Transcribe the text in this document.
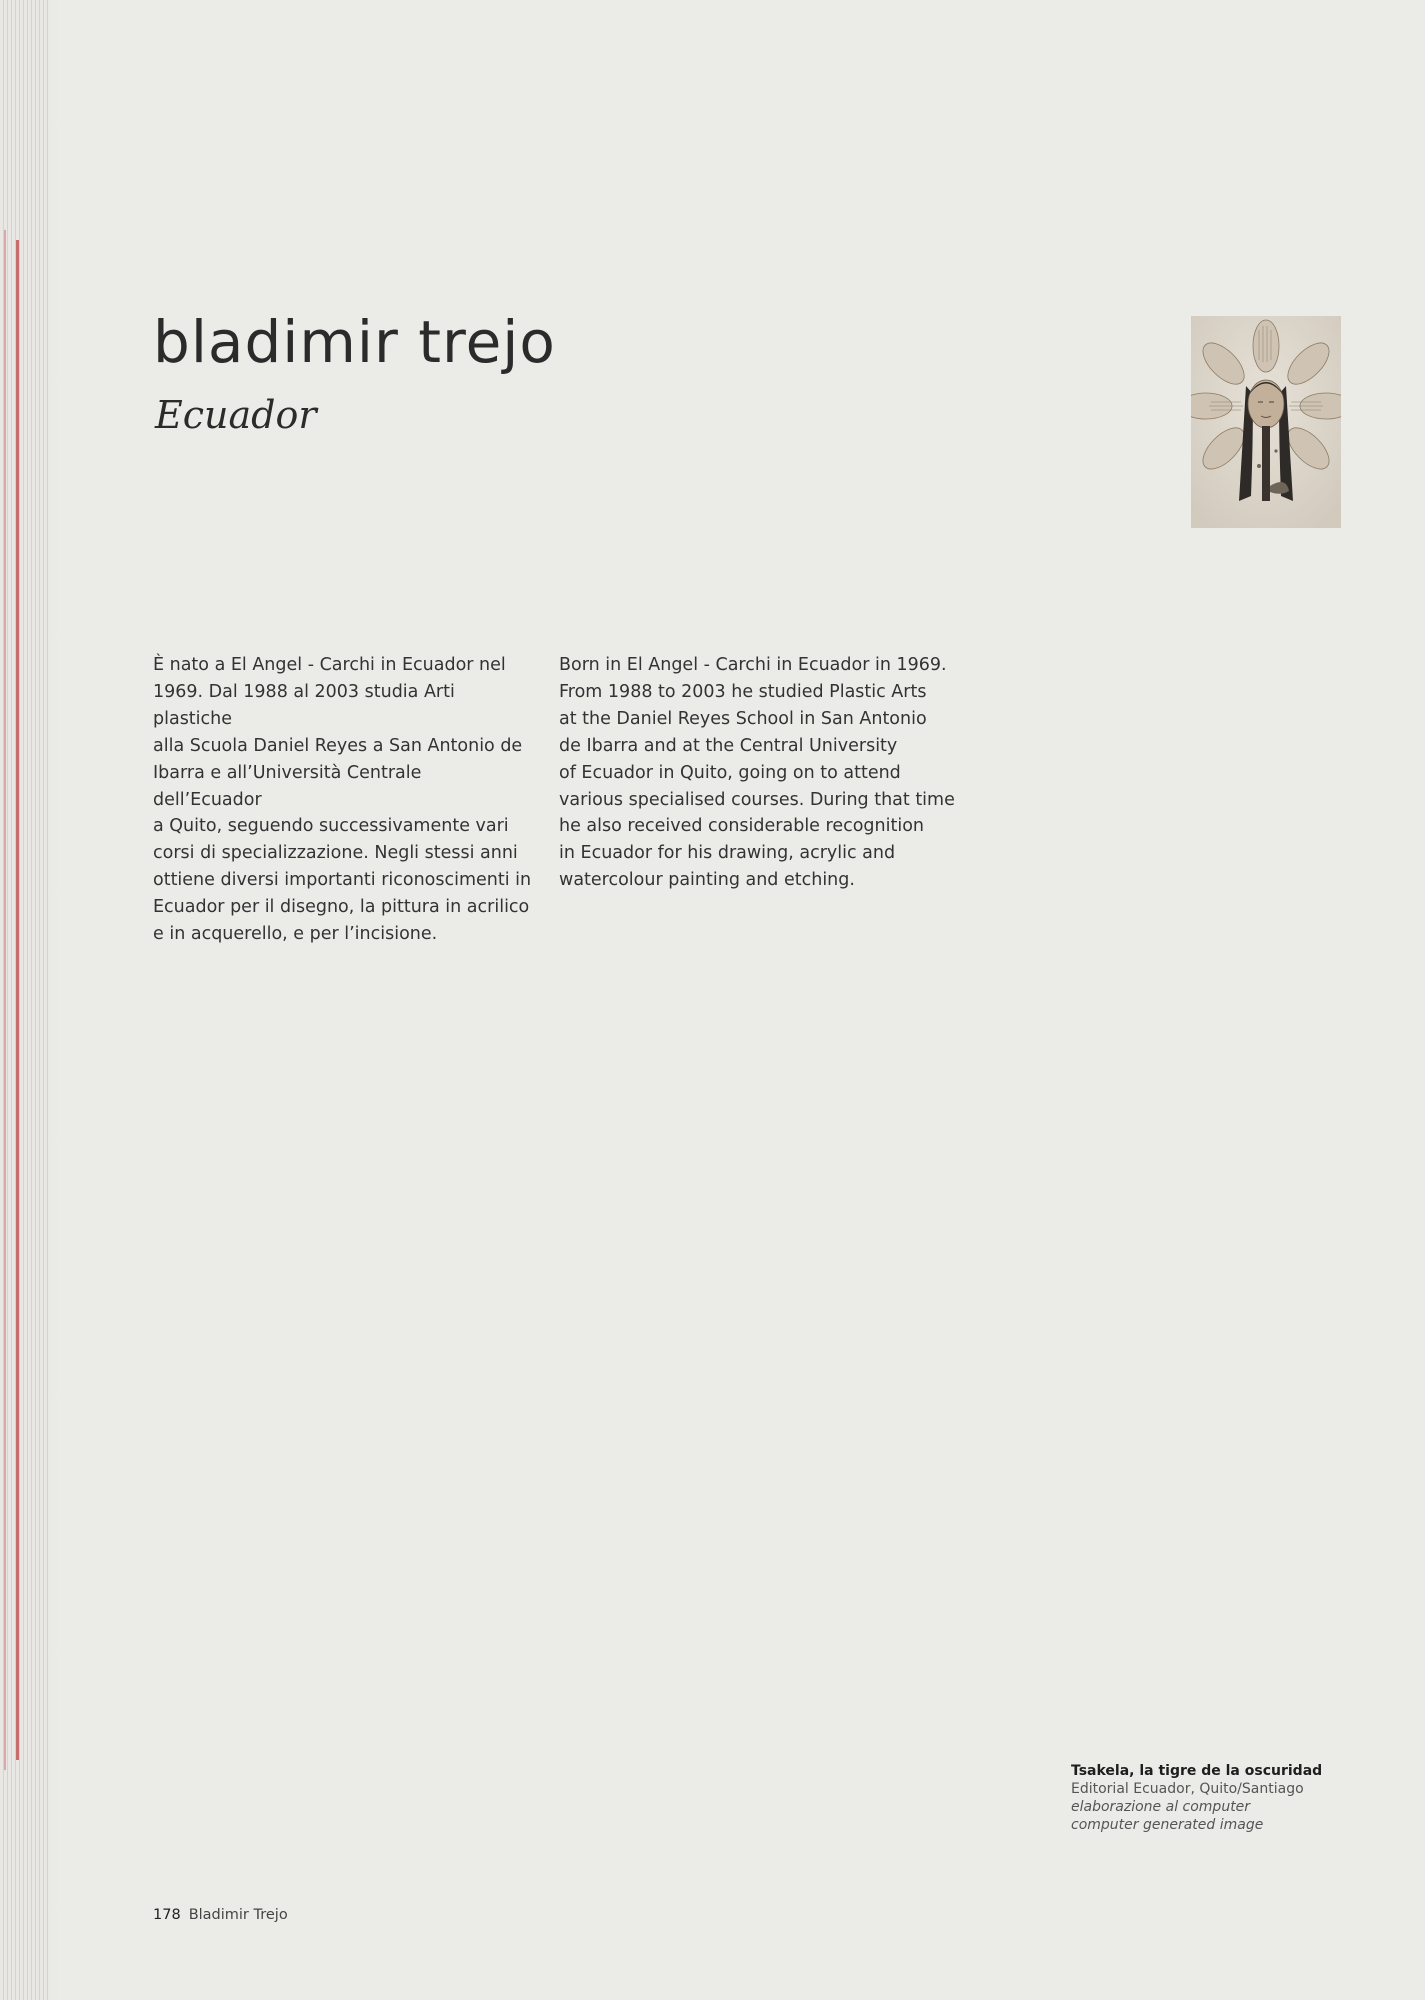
bladimir trejo
Ecuador

È nato a El Angel - Carchi in Ecuador nel
1969. Dal 1988 al 2003 studia Arti plastiche
alla Scuola Daniel Reyes a San Antonio de
Ibarra e all’Università Centrale dell’Ecuador
a Quito, seguendo successivamente vari
corsi di specializzazione. Negli stessi anni
ottiene diversi importanti riconoscimenti in
Ecuador per il disegno, la pittura in acrilico
e in acquerello, e per l’incisione.

Born in El Angel - Carchi in Ecuador in 1969.
From 1988 to 2003 he studied Plastic Arts
at the Daniel Reyes School in San Antonio
de Ibarra and at the Central University
of Ecuador in Quito, going on to attend
various specialised courses. During that time
he also received considerable recognition
in Ecuador for his drawing, acrylic and
watercolour painting and etching.

Tsakela, la tigre de la oscuridad
Editorial Ecuador, Quito/Santiago
elaborazione al computer
computer generated image
178 Bladimir Trejo
